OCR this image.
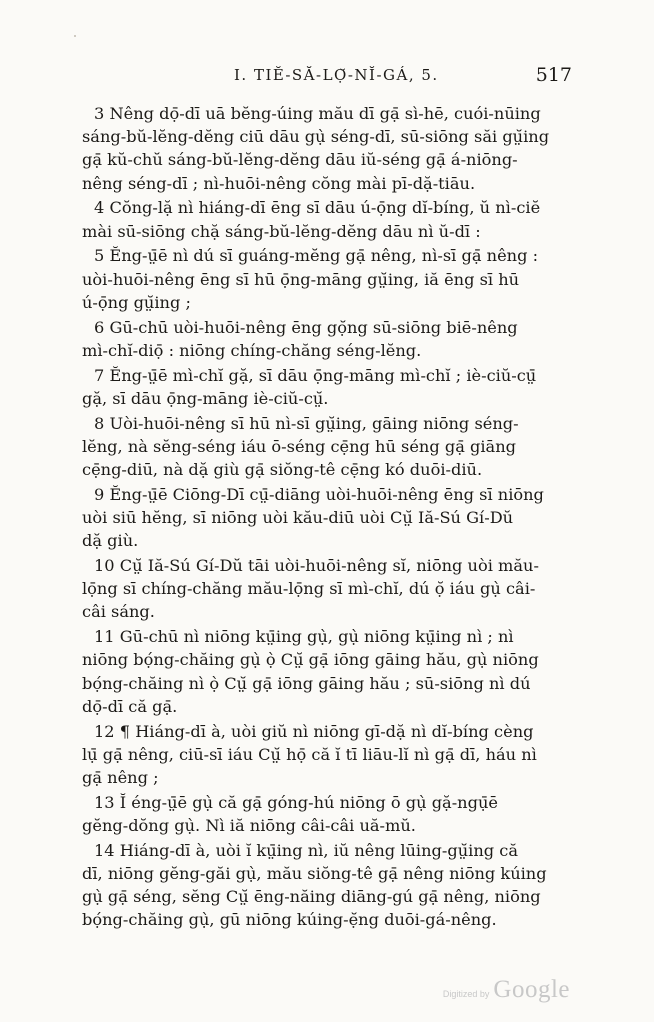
I. TIĔ-SĂ-LỌ̆-NĬ-GÁ, 5.	517
3 Nêng dọ̄-dī uā bĕng-úing mău dī gạ̄ sì-hē, cuói-nūing
sáng-bŭ-lĕng-dĕng ciū dāu gụ̀ séng-dī, sū-siōng săi gṳ̆ing
gạ̄ kŭ-chŭ sáng-bŭ-lĕng-dĕng dāu iŭ-séng gạ̄ á-niōng-
nêng séng-dī ; nì-huōi-nêng cŏng mài pī-dặ-tiāu.
4 Cŏng-lặ nì hiáng-dī ēng sī dāu ú-ọ̄ng dĭ-bíng, ŭ nì-ciĕ
mài sū-siōng chặ sáng-bŭ-lĕng-dĕng dāu nì ŭ-dī :
5 Ĕng-ṳ̄ē nì dú sī guáng-mĕng gạ̄ nêng, nì-sī gạ̄ nêng :
uòi-huōi-nêng ēng sī hū ọ̄ng-māng gṳ̆ing, iă ēng sī hū
ú-ọ̄ng gṳ̆ing ;
6 Gū-chū uòi-huōi-nêng ēng gọ̆ng sū-siōng biē-nêng
mì-chĭ-diọ̄ : niōng chíng-chăng séng-lĕng.
7 Ĕng-ṳ̄ē mì-chĭ gặ, sī dāu ọ̄ng-māng mì-chĭ ; iè-ciŭ-cṳ̄
gặ, sī dāu ọ̄ng-māng iè-ciŭ-cṳ̆.
8 Uòi-huōi-nêng sī hū nì-sī gṳ̆ing, gāing niōng séng-
lĕng, nà sĕng-séng iáu ō-séng cẹ̄ng hū séng gạ̄ giāng
cẹ̄ng-diū, nà dặ giù gạ̄ siŏng-tê cẹ̄ng kó duōi-diū.
9 Ĕng-ṳ̄ē Ciōng-Dī cṳ̄-diāng uòi-huōi-nêng ēng sī niōng
uòi siū hĕng, sī niōng uòi kău-diū uòi Cṳ̆ Iă-Sú Gí-Dŭ
dặ giù.
10 Cṳ̆ Iă-Sú Gí-Dŭ tāi uòi-huōi-nêng sĭ, niōng uòi mău-
lọ̄ng sī chíng-chăng mău-lọ̄ng sī mì-chĭ, dú ọ̆ iáu gụ̀ câi-
câi sáng.
11 Gū-chū nì niōng kṳ̄ing gụ̀, gụ̀ niōng kṳ̄ing nì ; nì
niōng bọ́ng-chăing gụ̀ ọ̀ Cṳ̆ gạ̄ iōng gāing hău, gụ̀ niōng
bọ́ng-chăing nì ọ̀ Cṳ̆ gạ̄ iōng gāing hău ; sū-siōng nì dú
dọ̄-dī că gạ̄.
12 ¶ Hiáng-dī à, uòi giŭ nì niōng gī-dặ nì dĭ-bíng cèng
lụ̄ gạ̄ nêng, ciū-sī iáu Cṳ̆ họ̄ că ĭ tī liāu-lĭ nì gạ̄ dī, háu nì
gạ̄ nêng ;
13 Ĭ éng-ṳ̄ē gụ̀ că gạ̄ góng-hú niōng ō gụ̀ gặ-ngụ̄ē
gĕng-dŏng gụ̀. Nì iă niōng câi-câi uă-mŭ.
14 Hiáng-dī à, uòi ĭ kṳ̄ing nì, iŭ nêng lūing-gṳ̆ing că
dī, niōng gĕng-găi gụ̀, mău siŏng-tê gạ̄ nêng niōng kúing
gụ̀ gạ̄ séng, sĕng Cṳ̆ ēng-năing diāng-gú gạ̄ nêng, niōng
bọ́ng-chăing gụ̀, gū niōng kúing-ẹ̆ng duōi-gá-nêng.
Digitized by Google
